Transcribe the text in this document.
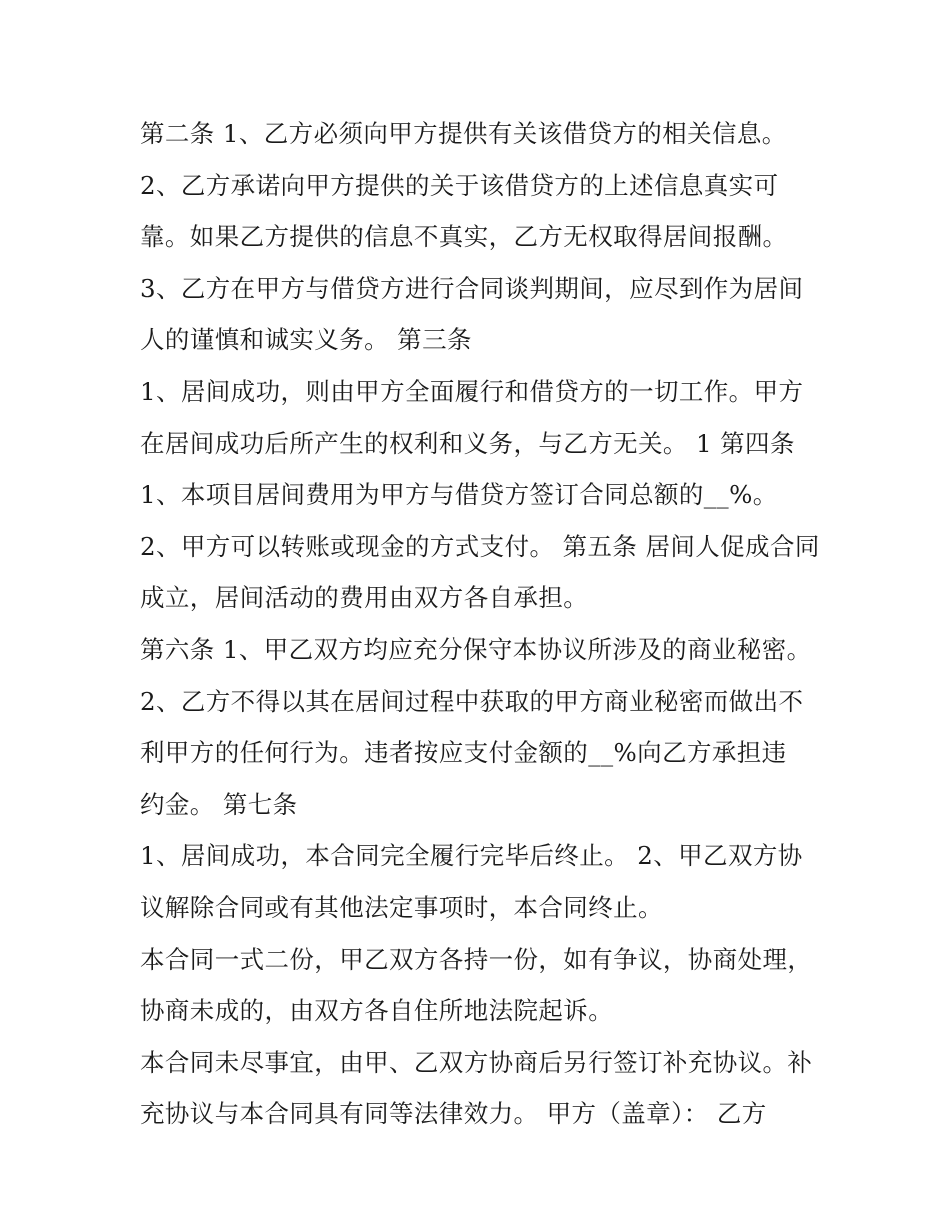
第二条 1、乙方必须向甲方提供有关该借贷方的相关信息。
2、乙方承诺向甲方提供的关于该借贷方的上述信息真实可
靠。如果乙方提供的信息不真实，乙方无权取得居间报酬。
3、乙方在甲方与借贷方进行合同谈判期间，应尽到作为居间
人的谨慎和诚实义务。 第三条
1、居间成功，则由甲方全面履行和借贷方的一切工作。甲方
在居间成功后所产生的权利和义务，与乙方无关。 1 第四条
1、本项目居间费用为甲方与借贷方签订合同总额的__%。
2、甲方可以转账或现金的方式支付。 第五条 居间人促成合同
成立，居间活动的费用由双方各自承担。
第六条 1、甲乙双方均应充分保守本协议所涉及的商业秘密。
2、乙方不得以其在居间过程中获取的甲方商业秘密而做出不
利甲方的任何行为。违者按应支付金额的__%向乙方承担违
约金。 第七条
1、居间成功，本合同完全履行完毕后终止。 2、甲乙双方协
议解除合同或有其他法定事项时，本合同终止。
本合同一式二份，甲乙双方各持一份，如有争议，协商处理，
协商未成的，由双方各自住所地法院起诉。
本合同未尽事宜，由甲、乙双方协商后另行签订补充协议。补
充协议与本合同具有同等法律效力。 甲方（盖章）： 乙方
